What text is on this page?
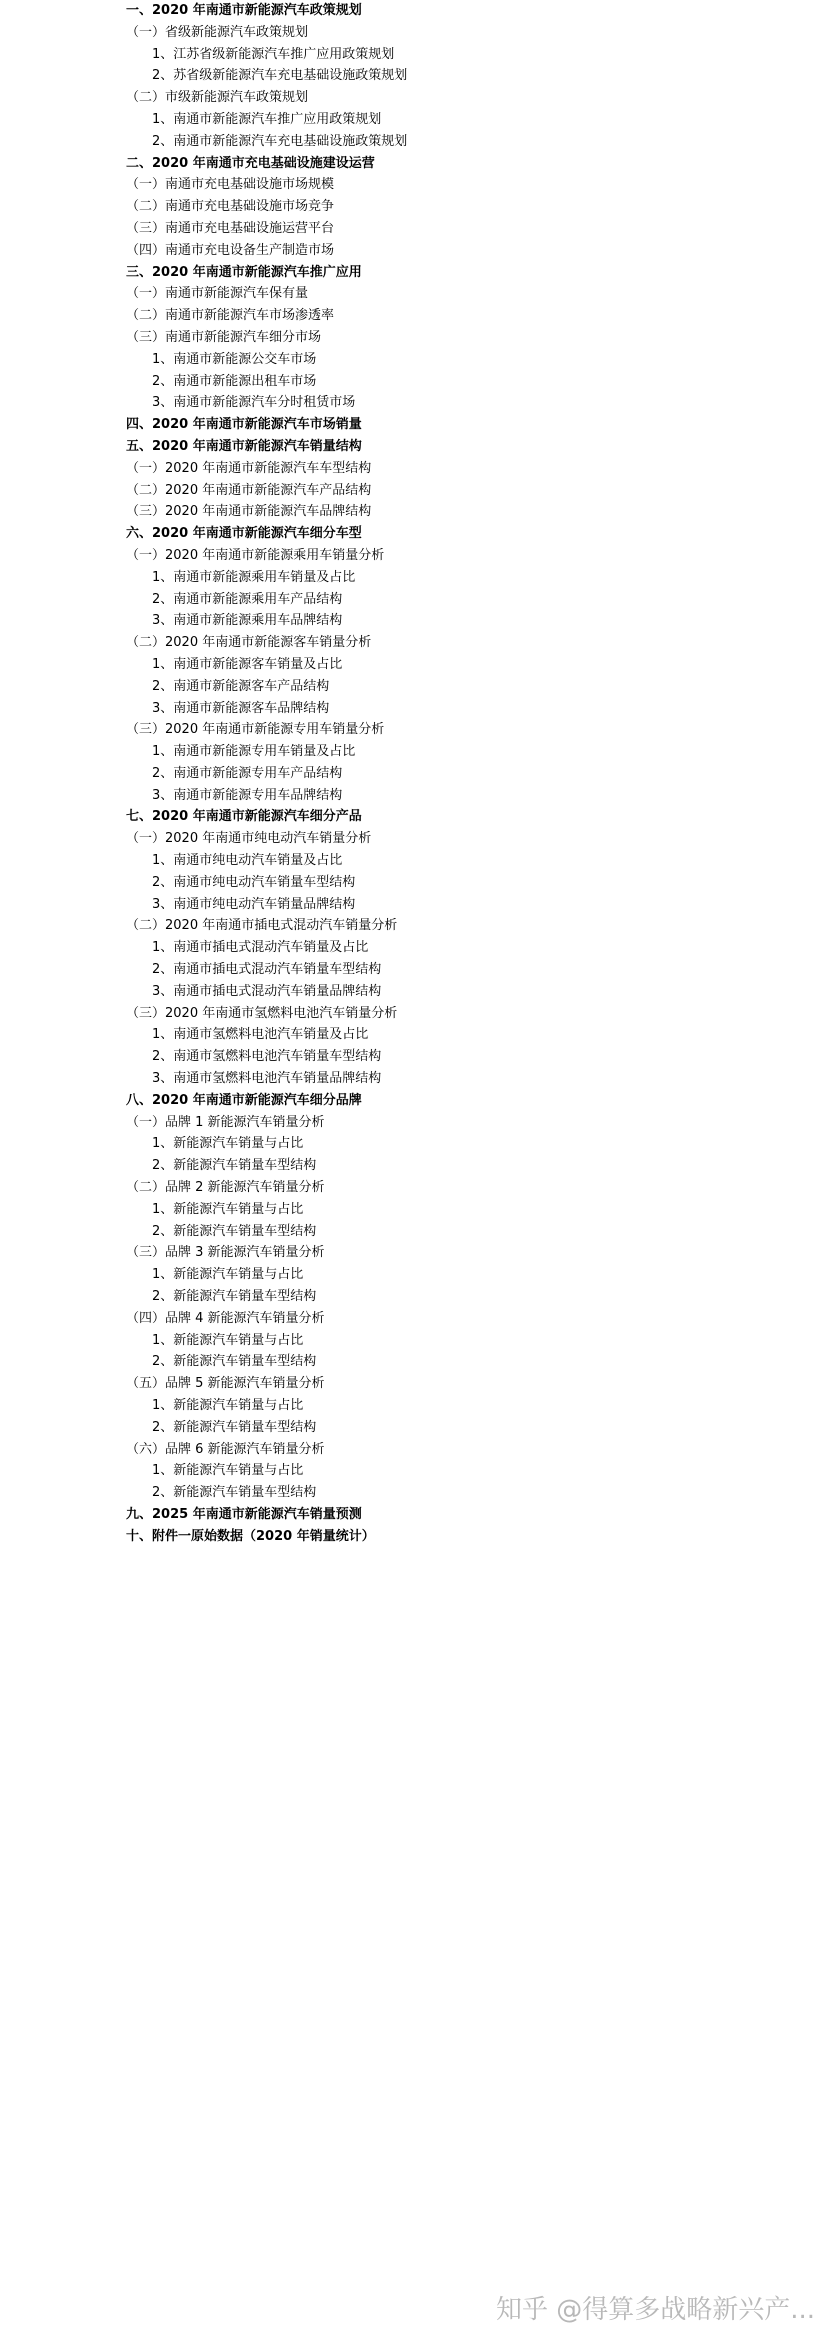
一、2020 年南通市新能源汽车政策规划
（一）省级新能源汽车政策规划
1、江苏省级新能源汽车推广应用政策规划
2、苏省级新能源汽车充电基础设施政策规划
（二）市级新能源汽车政策规划
1、南通市新能源汽车推广应用政策规划
2、南通市新能源汽车充电基础设施政策规划
二、2020 年南通市充电基础设施建设运营
（一）南通市充电基础设施市场规模
（二）南通市充电基础设施市场竞争
（三）南通市充电基础设施运营平台
（四）南通市充电设备生产制造市场
三、2020 年南通市新能源汽车推广应用
（一）南通市新能源汽车保有量
（二）南通市新能源汽车市场渗透率
（三）南通市新能源汽车细分市场
1、南通市新能源公交车市场
2、南通市新能源出租车市场
3、南通市新能源汽车分时租赁市场
四、2020 年南通市新能源汽车市场销量
五、2020 年南通市新能源汽车销量结构
（一）2020 年南通市新能源汽车车型结构
（二）2020 年南通市新能源汽车产品结构
（三）2020 年南通市新能源汽车品牌结构
六、2020 年南通市新能源汽车细分车型
（一）2020 年南通市新能源乘用车销量分析
1、南通市新能源乘用车销量及占比
2、南通市新能源乘用车产品结构
3、南通市新能源乘用车品牌结构
（二）2020 年南通市新能源客车销量分析
1、南通市新能源客车销量及占比
2、南通市新能源客车产品结构
3、南通市新能源客车品牌结构
（三）2020 年南通市新能源专用车销量分析
1、南通市新能源专用车销量及占比
2、南通市新能源专用车产品结构
3、南通市新能源专用车品牌结构
七、2020 年南通市新能源汽车细分产品
（一）2020 年南通市纯电动汽车销量分析
1、南通市纯电动汽车销量及占比
2、南通市纯电动汽车销量车型结构
3、南通市纯电动汽车销量品牌结构
（二）2020 年南通市插电式混动汽车销量分析
1、南通市插电式混动汽车销量及占比
2、南通市插电式混动汽车销量车型结构
3、南通市插电式混动汽车销量品牌结构
（三）2020 年南通市氢燃料电池汽车销量分析
1、南通市氢燃料电池汽车销量及占比
2、南通市氢燃料电池汽车销量车型结构
3、南通市氢燃料电池汽车销量品牌结构
八、2020 年南通市新能源汽车细分品牌
（一）品牌 1 新能源汽车销量分析
1、新能源汽车销量与占比
2、新能源汽车销量车型结构
（二）品牌 2 新能源汽车销量分析
1、新能源汽车销量与占比
2、新能源汽车销量车型结构
（三）品牌 3 新能源汽车销量分析
1、新能源汽车销量与占比
2、新能源汽车销量车型结构
（四）品牌 4 新能源汽车销量分析
1、新能源汽车销量与占比
2、新能源汽车销量车型结构
（五）品牌 5 新能源汽车销量分析
1、新能源汽车销量与占比
2、新能源汽车销量车型结构
（六）品牌 6 新能源汽车销量分析
1、新能源汽车销量与占比
2、新能源汽车销量车型结构
九、2025 年南通市新能源汽车销量预测
十、附件一原始数据（2020 年销量统计）
知乎 @得算多战略新兴产...
